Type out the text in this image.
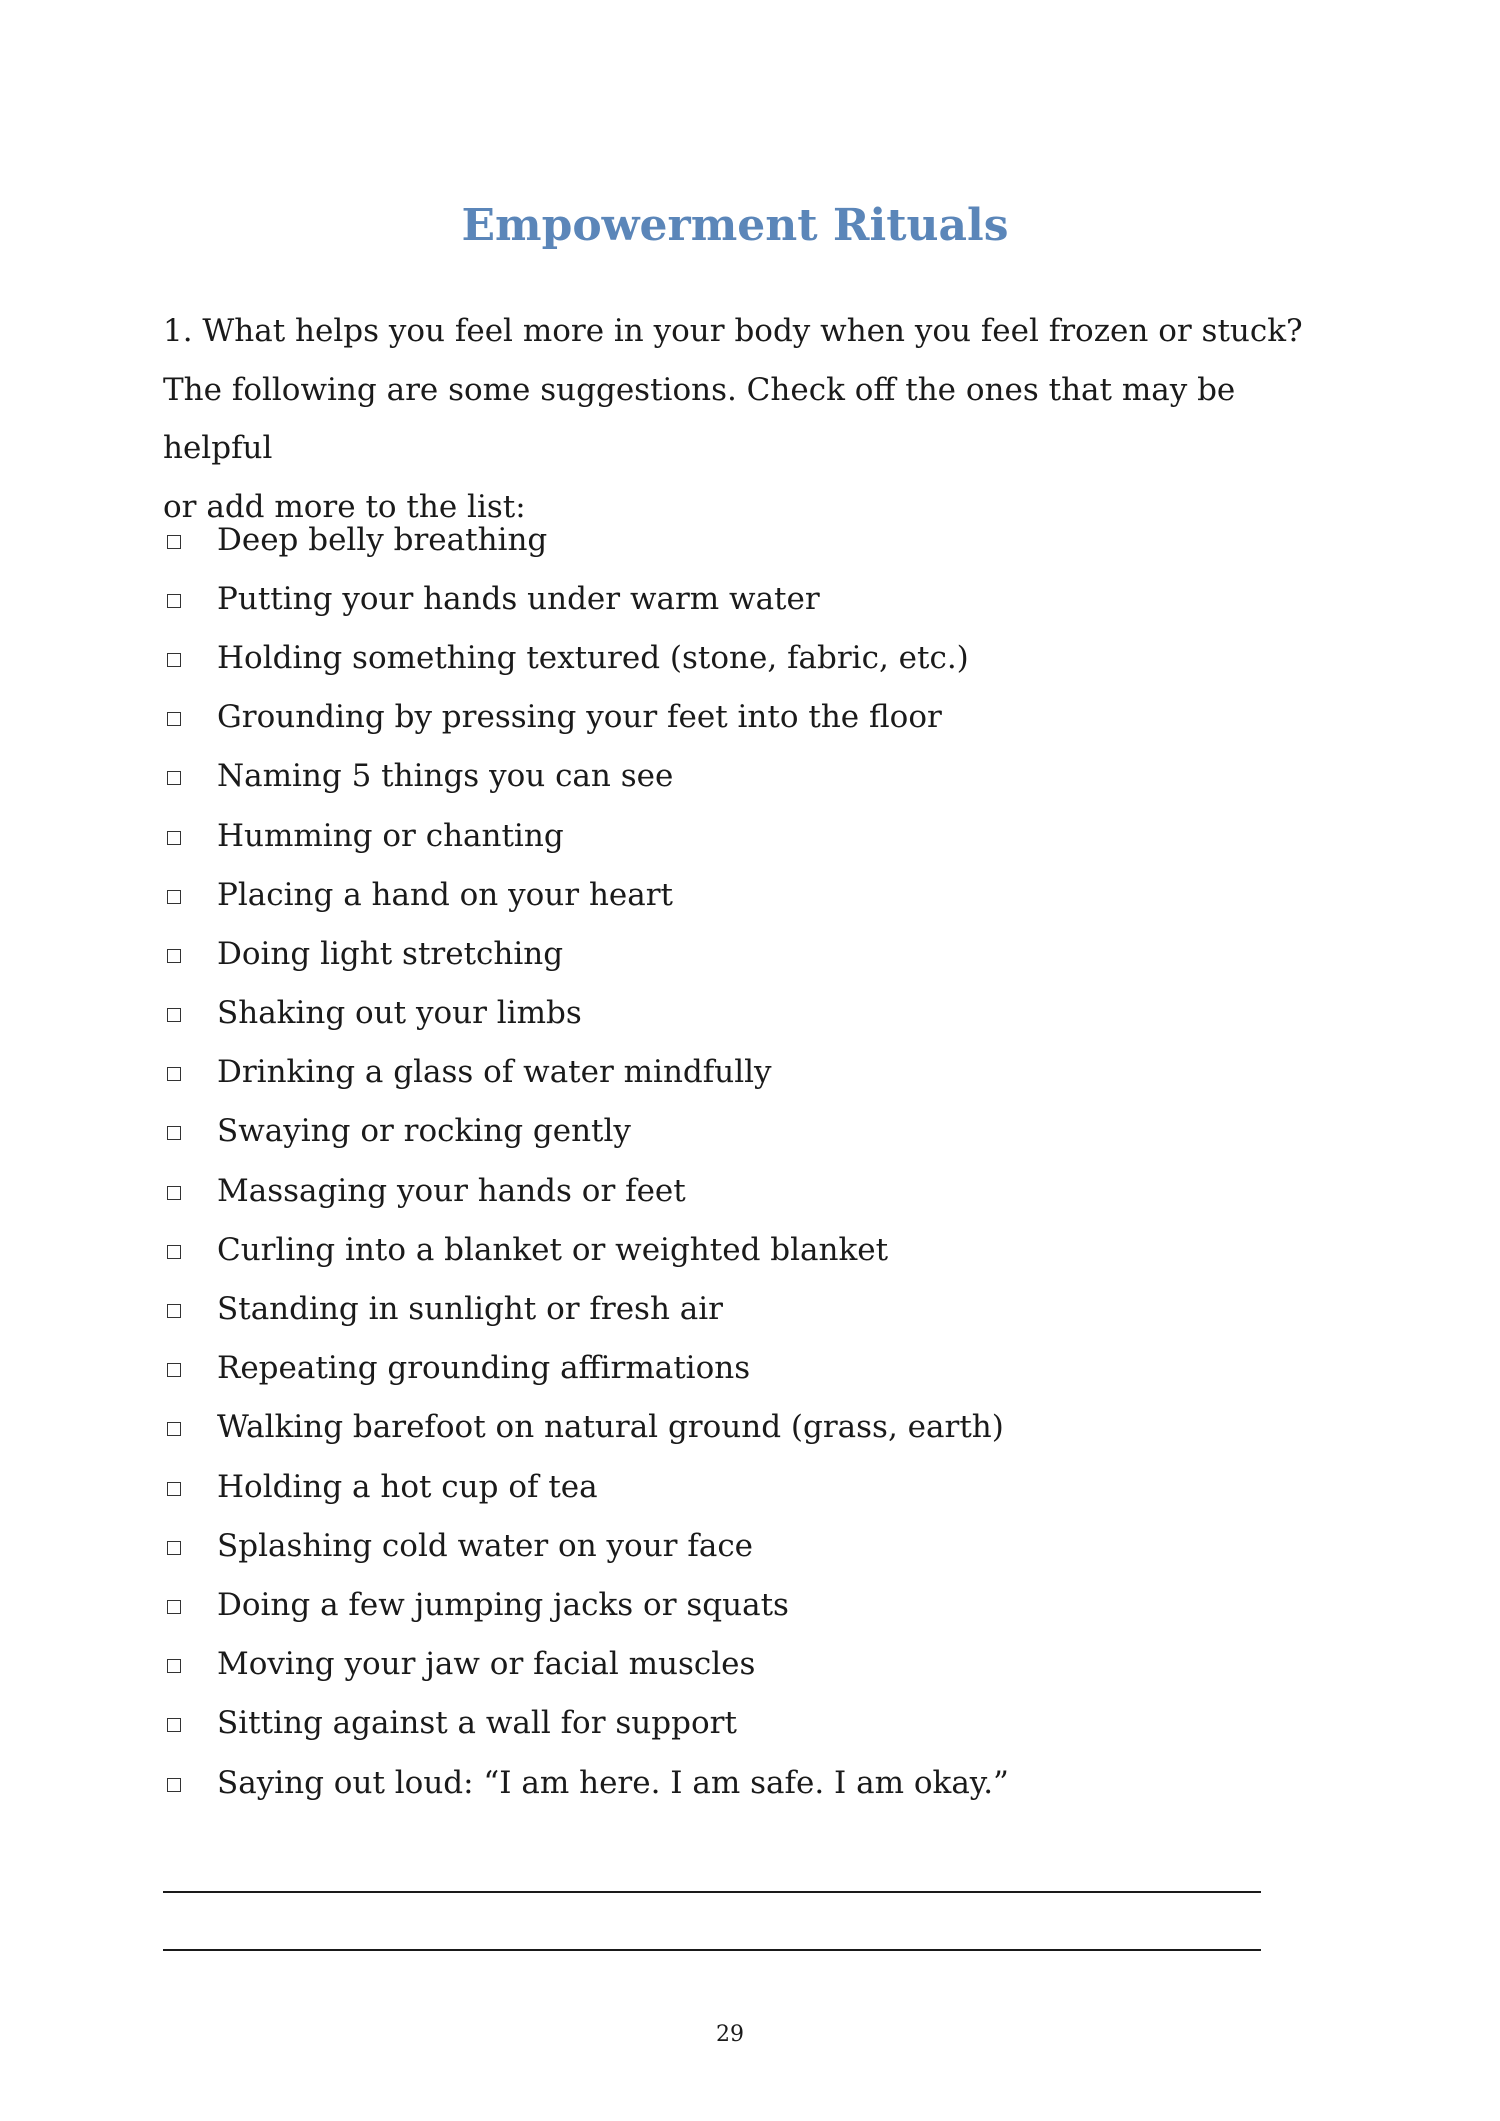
Empowerment Rituals

1. What helps you feel more in your body when you feel frozen or stuck?

The following are some suggestions. Check off the ones that may be helpful

or add more to the list:

Deep belly breathing
Putting your hands under warm water
Holding something textured (stone, fabric, etc.)
Grounding by pressing your feet into the floor
Naming 5 things you can see
Humming or chanting
Placing a hand on your heart
Doing light stretching
Shaking out your limbs
Drinking a glass of water mindfully
Swaying or rocking gently
Massaging your hands or feet
Curling into a blanket or weighted blanket
Standing in sunlight or fresh air
Repeating grounding affirmations
Walking barefoot on natural ground (grass, earth)
Holding a hot cup of tea
Splashing cold water on your face
Doing a few jumping jacks or squats
Moving your jaw or facial muscles
Sitting against a wall for support
Saying out loud: “I am here. I am safe. I am okay.”
29
